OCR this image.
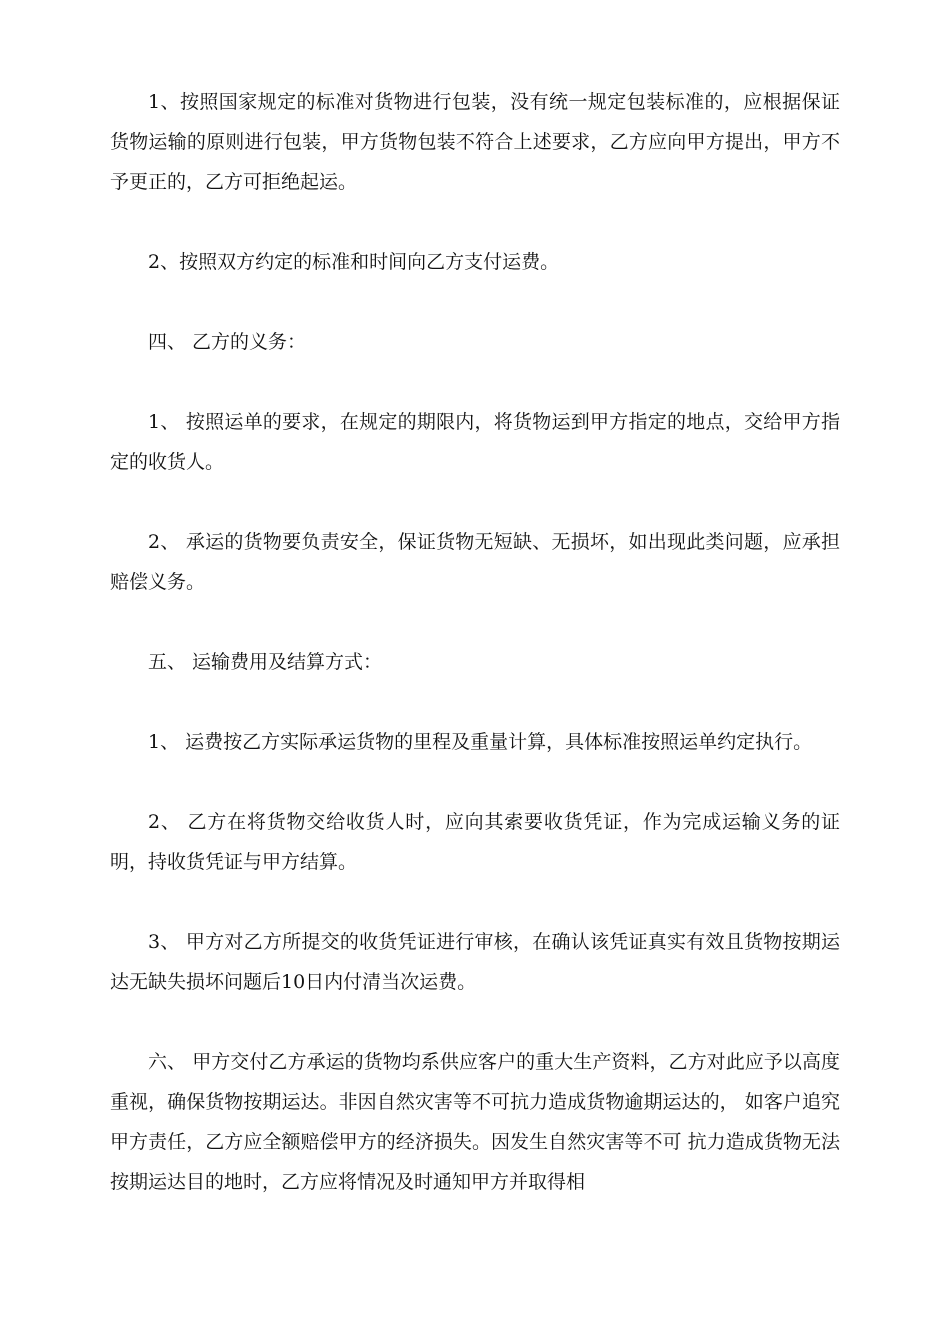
1、按照国家规定的标准对货物进行包装，没有统一规定包装标准的，应根据保证货物运输的原则进行包装，甲方货物包装不符合上述要求，乙方应向甲方提出，甲方不予更正的，乙方可拒绝起运。

2、按照双方约定的标准和时间向乙方支付运费。

四、 乙方的义务：

1、 按照运单的要求，在规定的期限内，将货物运到甲方指定的地点，交给甲方指定的收货人。

2、 承运的货物要负责安全，保证货物无短缺、无损坏，如出现此类问题，应承担赔偿义务。

五、 运输费用及结算方式：

1、 运费按乙方实际承运货物的里程及重量计算，具体标准按照运单约定执行。

2、 乙方在将货物交给收货人时，应向其索要收货凭证，作为完成运输义务的证明，持收货凭证与甲方结算。

3、 甲方对乙方所提交的收货凭证进行审核，在确认该凭证真实有效且货物按期运达无缺失损坏问题后10日内付清当次运费。

六、 甲方交付乙方承运的货物均系供应客户的重大生产资料，乙方对此应予以高度重视，确保货物按期运达。非因自然灾害等不可抗力造成货物逾期运达的， 如客户追究甲方责任，乙方应全额赔偿甲方的经济损失。因发生自然灾害等不可 抗力造成货物无法按期运达目的地时，乙方应将情况及时通知甲方并取得相
